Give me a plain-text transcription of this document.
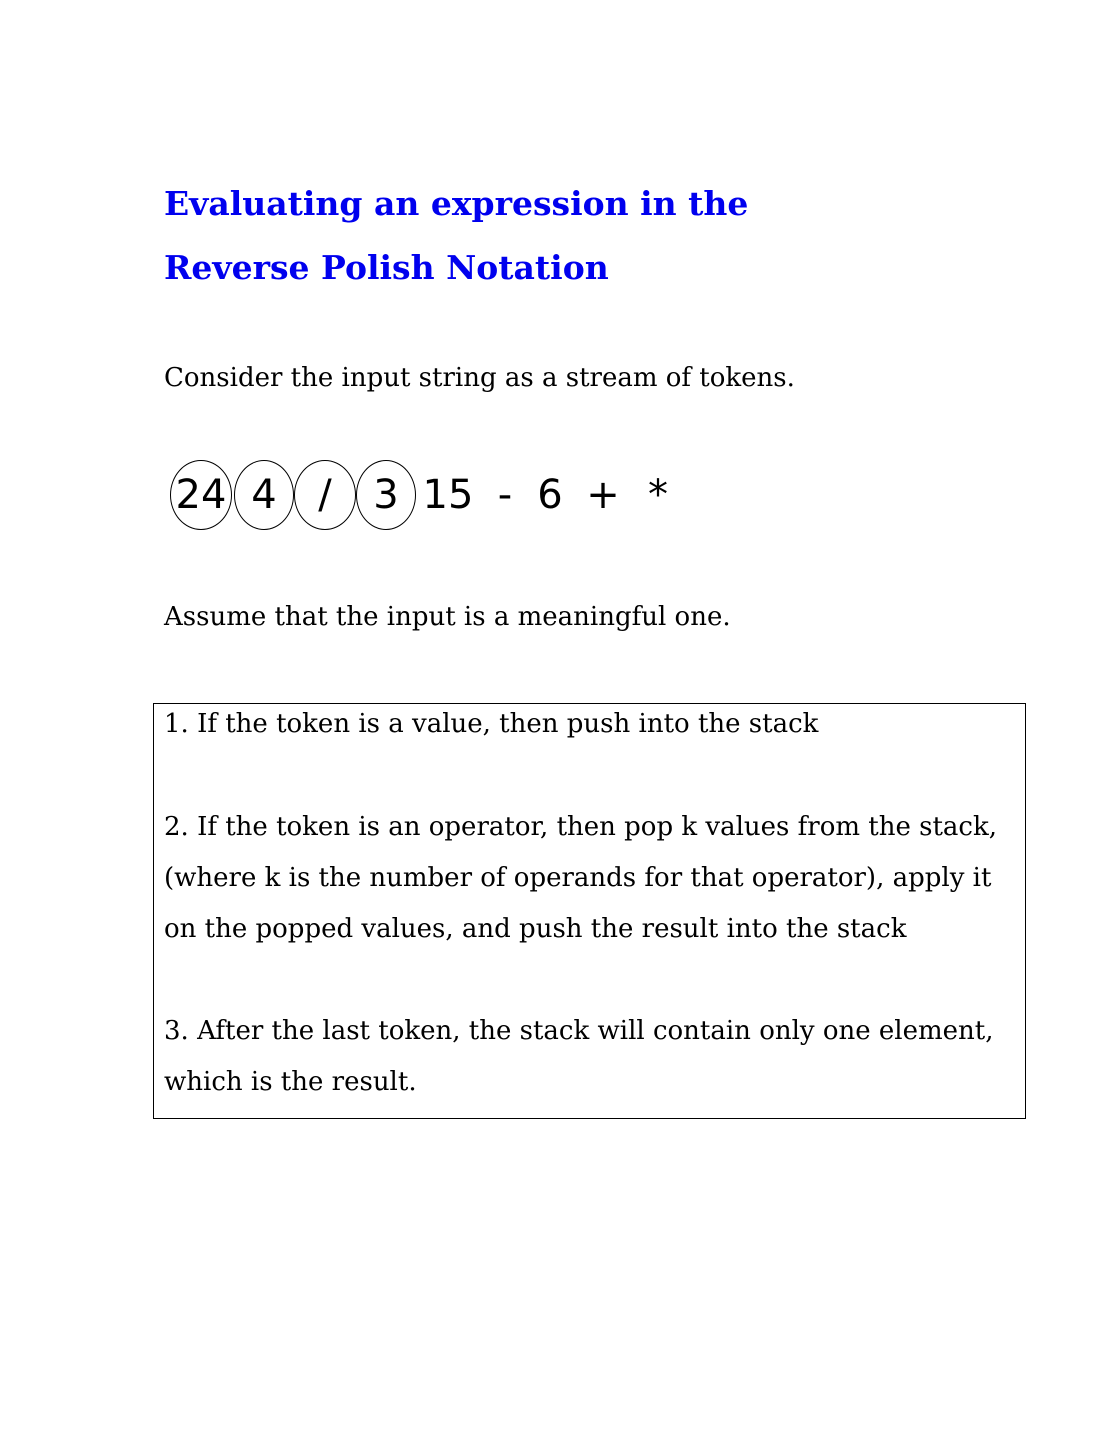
Evaluating an expression in the
Reverse Polish Notation

Consider the input string as a stream of tokens.

24 4	/	3 15 - 6 + *

Assume that the input is a meaningful one.

1. If the token is a value, then push into the stack
2. If the token is an operator, then pop k values from the stack,
(where k is the number of operands for that operator), apply it
on the popped values, and push the result into the stack
3. After the last token, the stack will contain only one element,
which is the result.
